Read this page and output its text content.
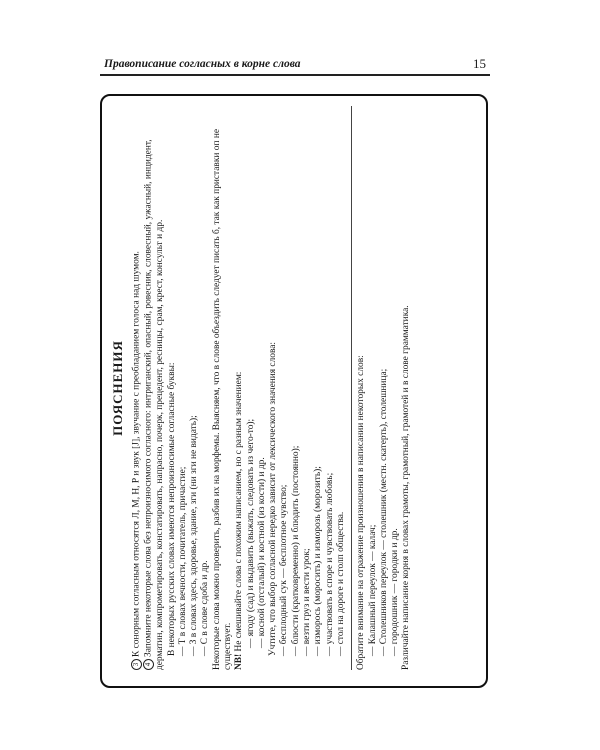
Правописание согласных в корне слова	15
ПОЯСНЕНИЯ

3К сонорным согласным относятся Л, М, Н, Р и звук [J], звучание с преобладанием голоса над шумом.

4Запомните некоторые слова без непроизносимого согласного: интриганский, опасный, ровесник, словесный, ужасный, инцидент, дерматин, компрометировать, констатировать, напрасно, почерк, прецедент, ресницы, срам, крест, консульт и др. В некоторых русских словах имеются непроизносимые согласные буквы: — Т в словах вечности, почитатель, причастие; — З в словах здесь, здоровье, здание, зги (ни зги не видать); — С в слове сдоба и др. Некоторые слова можно проверить, разбив их на морфемы. Выясняем, что в слове объездить следует писать б, так как приставки оп не существует. NB! Не смешивайте слова с похожим написанием, но с разным значением: — ягоду (сад) и выдавить (выжать, следовать из чего-то); — косной (отсталый) и костной (из кости) и др. Учтите, что выбор согласной нередко зависит от лексического значения слова: — бесплодный сук — бесплотное чувство; — блюсти (кратковременно) и блюдить (постоянно); — везти груз и вести урок; — изморось (моросить) и изморозь (морозить); — участвовать в споре и чувствовать любовь; — стол на дороге и столп общества. Обратите внимание на отражение произношения в написании некоторых слов: — Калашный переулок — калач; — Столешников переулок — столешник (местн. скатерть), столешница; — городошник — городки и др. Различайте написание корня в словах грамоты, грамотный, грамотей и в слове грамматика.
